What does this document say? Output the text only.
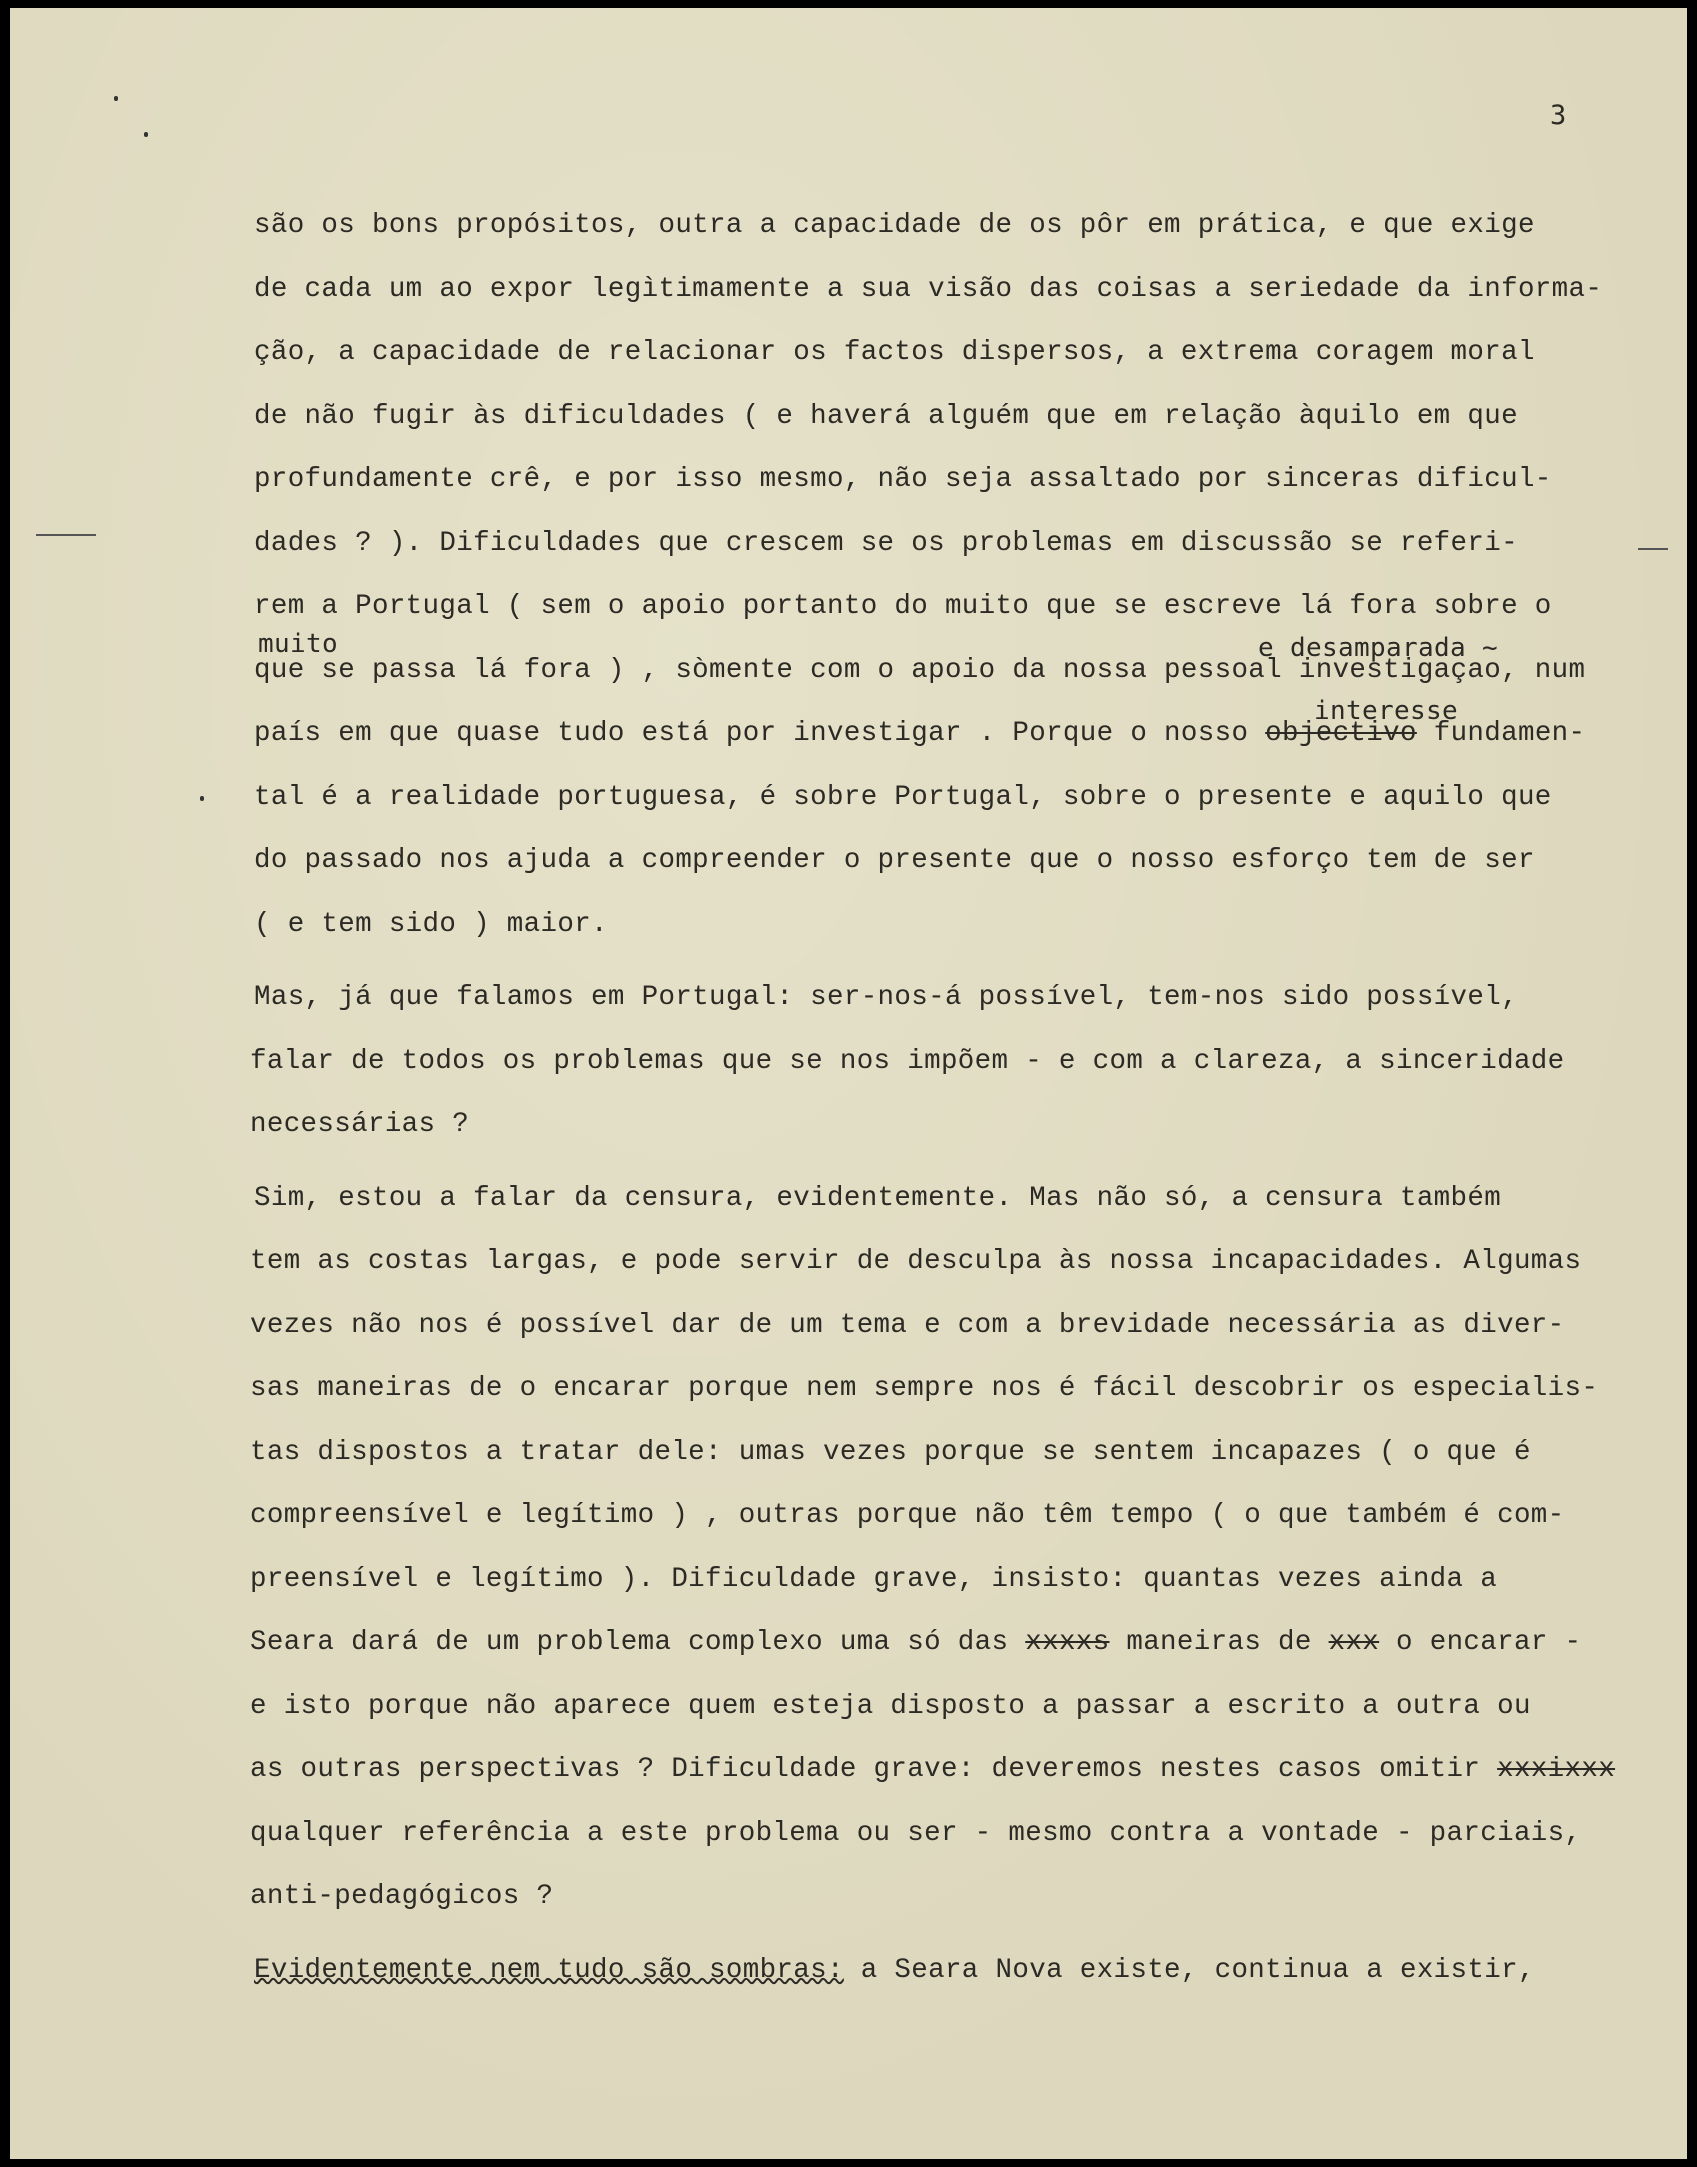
3
são os bons propósitos, outra a capacidade de os pôr em prática, e que exige
de cada um ao expor legìtimamente a sua visão das coisas a seriedade da informa-
ção, a capacidade de relacionar os factos dispersos, a extrema coragem moral
de não fugir às dificuldades ( e haverá alguém que em relação àquilo em que
profundamente crê, e por isso mesmo, não seja assaltado por sinceras dificul-
dades ? ). Dificuldades que crescem se os problemas em discussão se referi-
rem a Portugal ( sem o apoio portanto do muito que se escreve lá fora sobre o
muito	e desamparada ~
que se passa lá fora ) , sòmente com o apoio da nossa pessoal investigaçao, num
interesse
país em que quase tudo está por investigar . Porque o nosso objectivo fundamen-
tal é a realidade portuguesa, é sobre Portugal, sobre o presente e aquilo que
do passado nos ajuda a compreender o presente que o nosso esforço tem de ser
( e tem sido ) maior.
Mas, já que falamos em Portugal: ser-nos-á possível, tem-nos sido possível,
falar de todos os problemas que se nos impõem - e com a clareza, a sinceridade
necessárias ?
Sim, estou a falar da censura, evidentemente. Mas não só, a censura também
tem as costas largas, e pode servir de desculpa às nossa incapacidades. Algumas
vezes não nos é possível dar de um tema e com a brevidade necessária as diver-
sas maneiras de o encarar porque nem sempre nos é fácil descobrir os especialis-
tas dispostos a tratar dele: umas vezes porque se sentem incapazes ( o que é
compreensível e legítimo ) , outras porque não têm tempo ( o que também é com-
preensível e legítimo ). Dificuldade grave, insisto: quantas vezes ainda a
Seara dará de um problema complexo uma só das xxxxs maneiras de xxx o encarar -
e isto porque não aparece quem esteja disposto a passar a escrito a outra ou
as outras perspectivas ? Dificuldade grave: deveremos nestes casos omitir xxxixxx
qualquer referência a este problema ou ser - mesmo contra a vontade - parciais,
anti-pedagógicos ?
Evidentemente nem tudo são sombras: a Seara Nova existe, continua a existir,
